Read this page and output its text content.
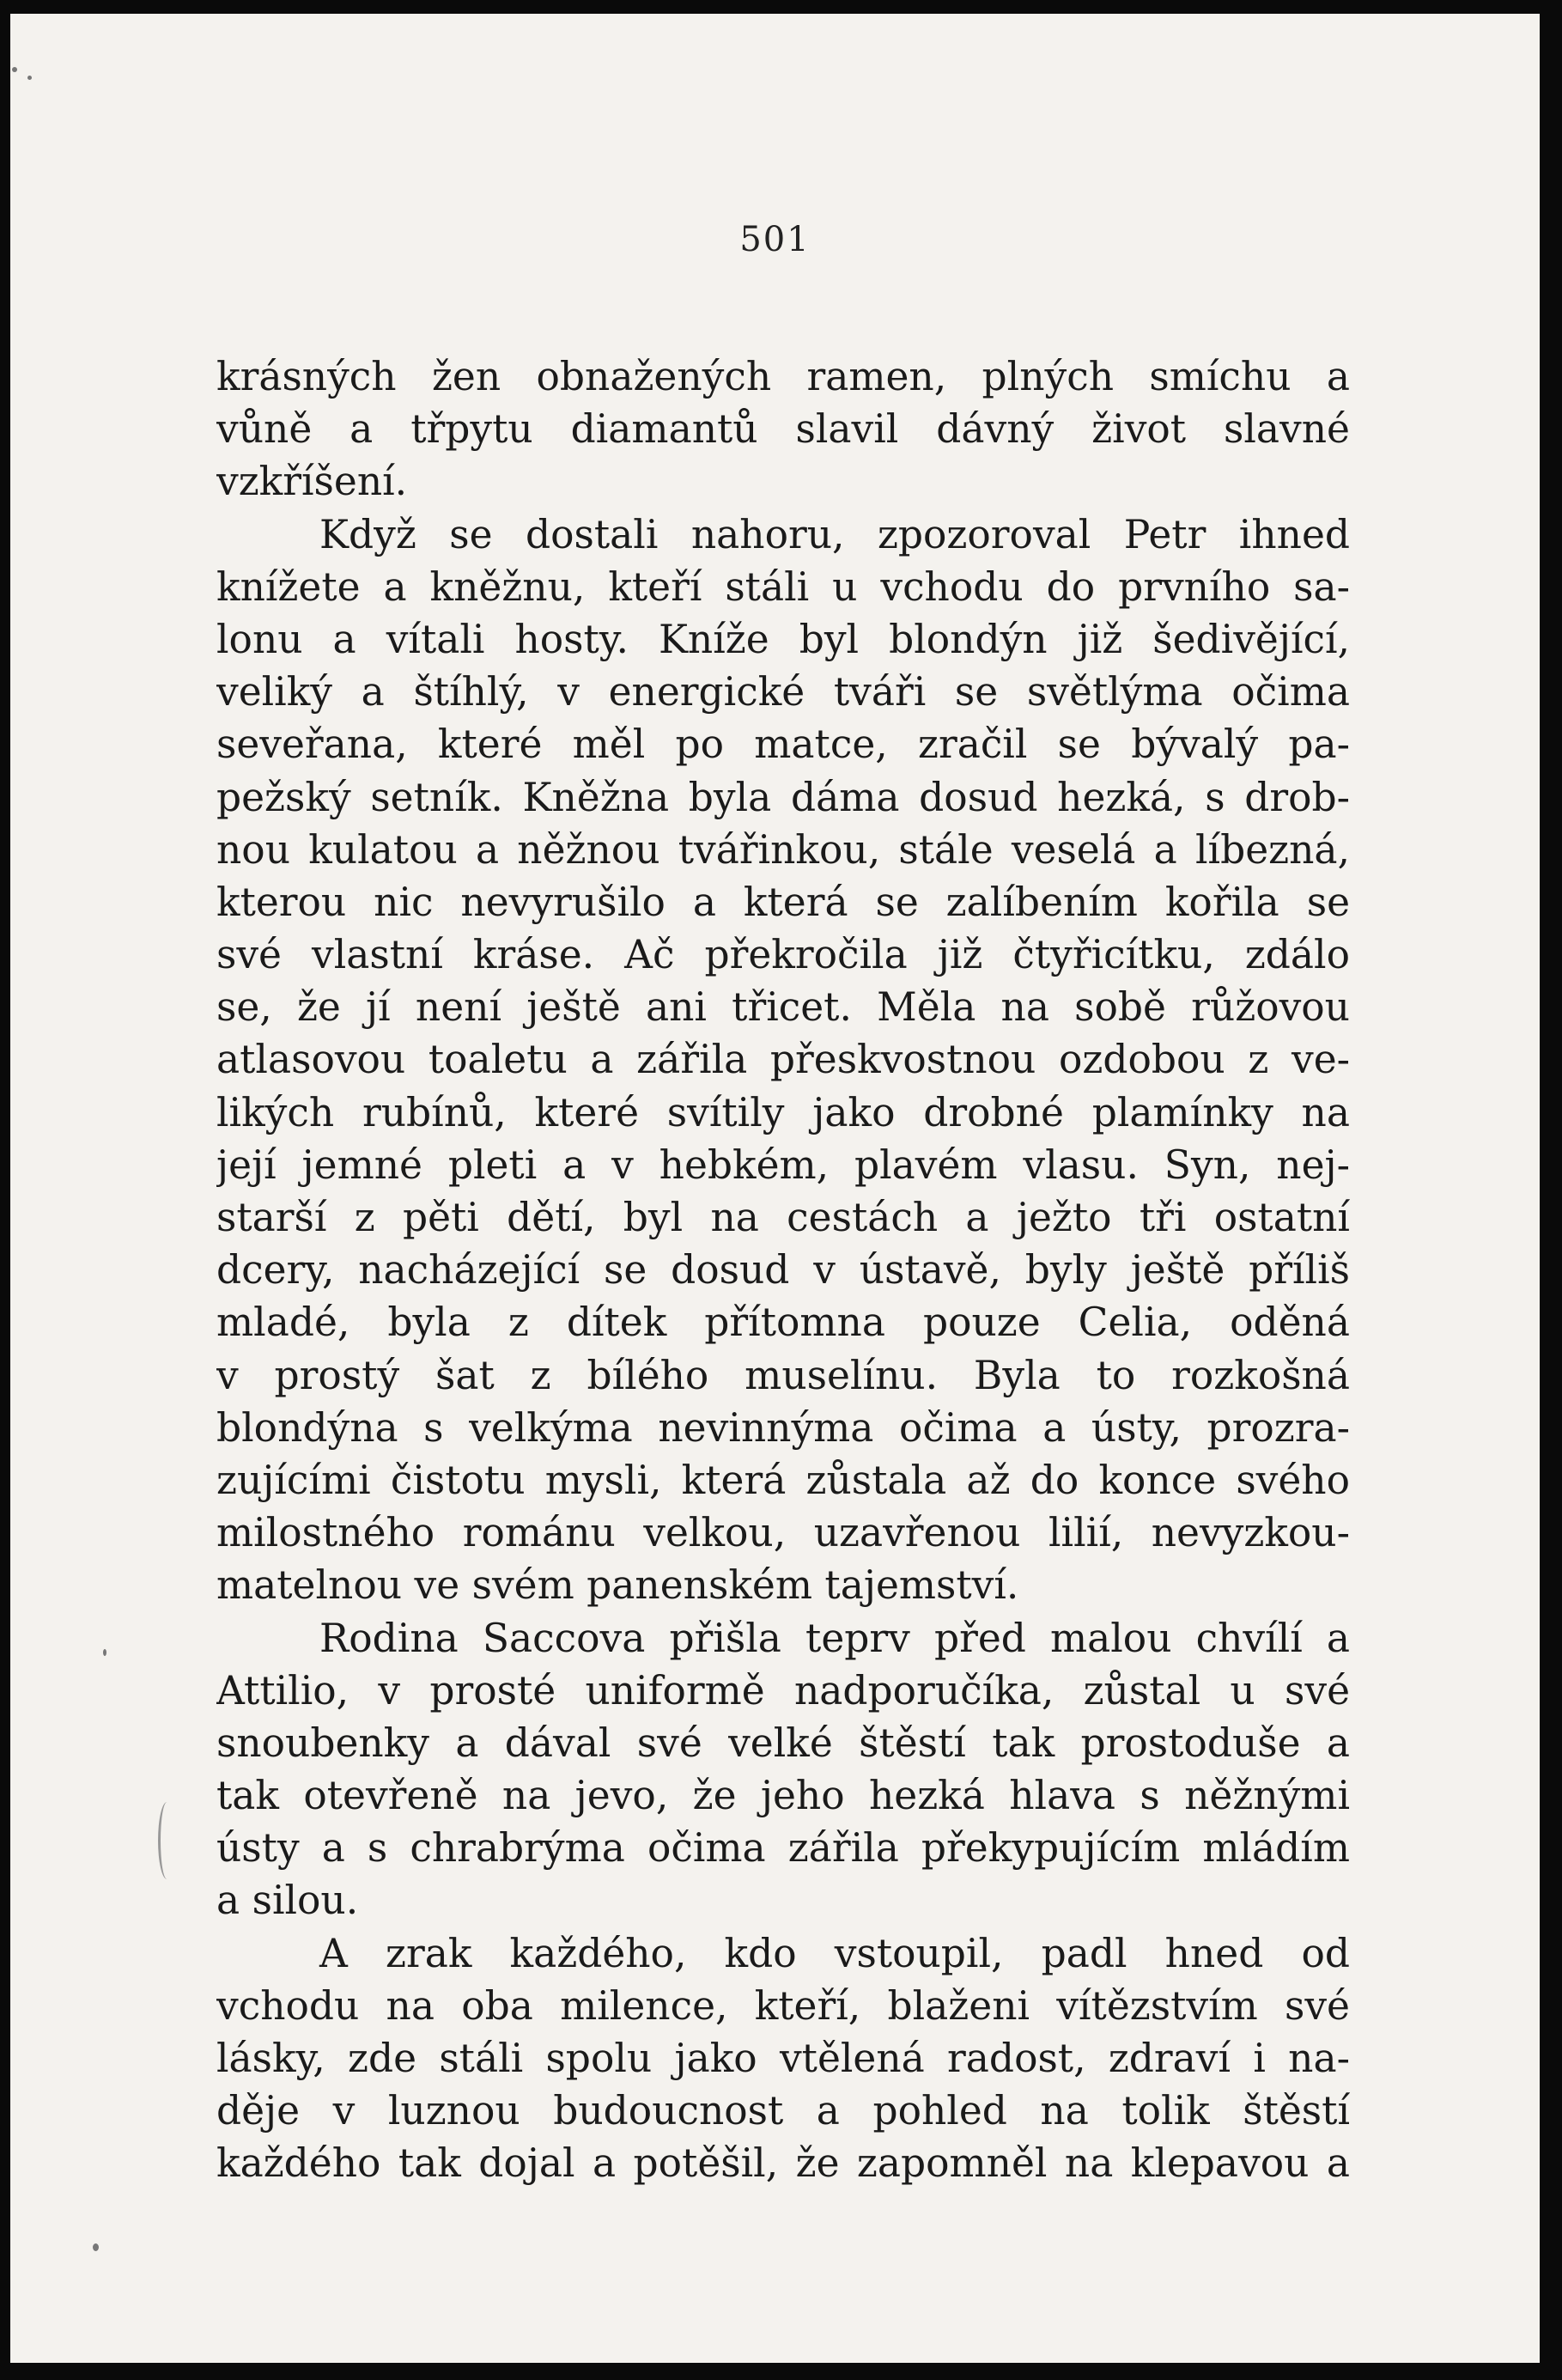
501
krásných žen obnažených ramen, plných smíchu a
vůně a třpytu diamantů slavil dávný život slavné
vzkříšení.
Když se dostali nahoru, zpozoroval Petr ihned
knížete a kněžnu, kteří stáli u vchodu do prvního sa-
lonu a vítali hosty. Kníže byl blondýn již šedivějící,
veliký a štíhlý, v energické tváři se světlýma očima
seveřana, které měl po matce, zračil se bývalý pa-
pežský setník. Kněžna byla dáma dosud hezká, s drob-
nou kulatou a něžnou tvářinkou, stále veselá a líbezná,
kterou nic nevyrušilo a která se zalíbením kořila se
své vlastní kráse. Ač překročila již čtyřicítku, zdálo
se, že jí není ještě ani třicet. Měla na sobě růžovou
atlasovou toaletu a zářila přeskvostnou ozdobou z ve-
likých rubínů, které svítily jako drobné plamínky na
její jemné pleti a v hebkém, plavém vlasu. Syn, nej-
starší z pěti dětí, byl na cestách a ježto tři ostatní
dcery, nacházející se dosud v ústavě, byly ještě příliš
mladé, byla z dítek přítomna pouze Celia, oděná
v prostý šat z bílého muselínu. Byla to rozkošná
blondýna s velkýma nevinnýma očima a ústy, prozra-
zujícími čistotu mysli, která zůstala až do konce svého
milostného románu velkou, uzavřenou lilií, nevyzkou-
matelnou ve svém panenském tajemství.
Rodina Saccova přišla teprv před malou chvílí a
Attilio, v prosté uniformě nadporučíka, zůstal u své
snoubenky a dával své velké štěstí tak prostoduše a
tak otevřeně na jevo, že jeho hezká hlava s něžnými
ústy a s chrabrýma očima zářila překypujícím mládím
a silou.
A zrak každého, kdo vstoupil, padl hned od
vchodu na oba milence, kteří, blaženi vítězstvím své
lásky, zde stáli spolu jako vtělená radost, zdraví i na-
děje v luznou budoucnost a pohled na tolik štěstí
každého tak dojal a potěšil, že zapomněl na klepavou a
